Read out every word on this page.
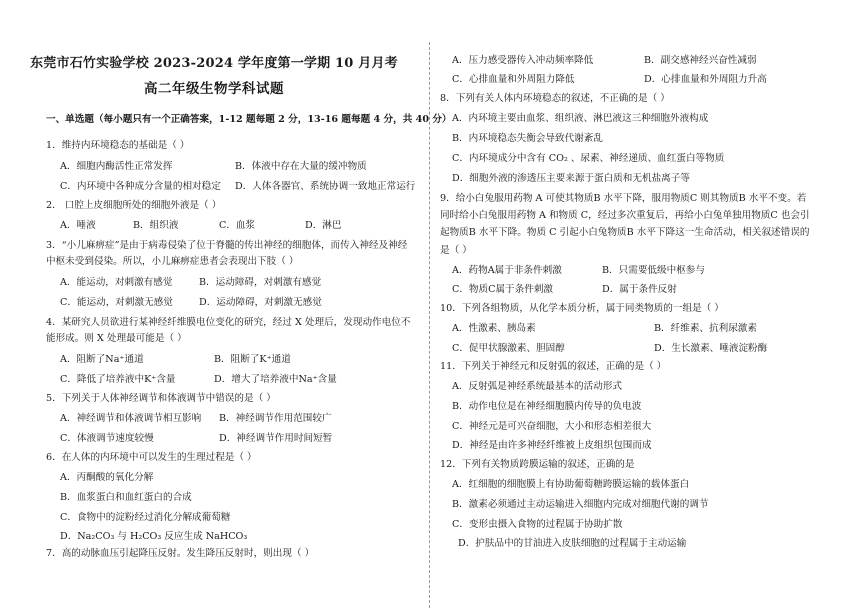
东莞市石竹实验学校 2023-2024 学年度第一学期 10 月月考
高二年级生物学科试题
一、单选题（每小题只有一个正确答案，1-12 题每题 2 分，13-16 题每题 4 分，共 40 分）
1．维持内环境稳态的基础是（ ）
A．细胞内酶活性正常发挥	B．体液中存在大量的缓冲物质
C．内环境中各种成分含量的相对稳定 D．人体各器官、系统协调一致地正常运行
2． 口腔上皮细胞所处的细胞外液是（ ）
A．唾液	B．组织液	C．血浆	D．淋巴
3．“小儿麻痹症”是由于病毒侵染了位于脊髓的传出神经的细胞体，而传入神经及神经
中枢未受到侵染。所以，小儿麻痹症患者会表现出下肢（ ）
A．能运动，对刺激有感觉	B．运动障碍，对刺激有感觉
C．能运动，对刺激无感觉	D．运动障碍，对刺激无感觉
4．某研究人员欲进行某神经纤维膜电位变化的研究，经过 X 处理后，发现动作电位不
能形成。则 X 处理最可能是（ ）
A．阻断了Na⁺通道	B．阻断了K⁺通道
C．降低了培养液中K⁺含量	D．增大了培养液中Na⁺含量
5．下列关于人体神经调节和体液调节中错误的是（ ）
A．神经调节和体液调节相互影响 B．神经调节作用范围较广
C．体液调节速度较慢	D．神经调节作用时间短暂
6．在人体的内环境中可以发生的生理过程是（ ）
A．丙酮酸的氧化分解
B．血浆蛋白和血红蛋白的合成
C．食物中的淀粉经过消化分解成葡萄糖
D．Na₂CO₃ 与 H₂CO₃ 反应生成 NaHCO₃
7．高的动脉血压引起降压反射。发生降压反射时，则出现（ ）
A．压力感受器传入冲动频率降低	B．副交感神经兴奋性减弱
C．心排血量和外周阻力降低	D．心排血量和外周阻力升高
8．下列有关人体内环境稳态的叙述，不正确的是（ ）
A．内环境主要由血浆、组织液、淋巴液这三种细胞外液构成
B．内环境稳态失衡会导致代谢紊乱
C．内环境成分中含有 CO₂ 、尿素、神经递质、血红蛋白等物质
D．细胞外液的渗透压主要来源于蛋白质和无机盐离子等
9．给小白兔服用药物 A 可使其物质B 水平下降，服用物质C 则其物质B 水平不变。若
同时给小白兔服用药物 A 和物质 C，经过多次重复后，再给小白兔单独用物质C 也会引
起物质B 水平下降。物质 C 引起小白兔物质B 水平下降这一生命活动，相关叙述错误的
是（ ）
A．药物A属于非条件刺激	B．只需要低级中枢参与
C．物质C属于条件刺激	D．属于条件反射
10．下列各组物质，从化学本质分析，属于同类物质的一组是（ ）
A．性激素、胰岛素	B．纤维素、抗利尿激素
C．促甲状腺激素、胆固醇	D．生长激素、唾液淀粉酶
11．下列关于神经元和反射弧的叙述，正确的是（ ）
A．反射弧是神经系统最基本的活动形式
B．动作电位是在神经细胞膜内传导的负电波
C．神经元是可兴奋细胞，大小和形态相差很大
D．神经是由许多神经纤维被上皮组织包围而成
12．下列有关物质跨膜运输的叙述，正确的是
A．红细胞的细胞膜上有协助葡萄糖跨膜运输的载体蛋白
B．激素必须通过主动运输进入细胞内完成对细胞代谢的调节
C．变形虫摄入食物的过程属于协助扩散
D．护肤品中的甘油进入皮肤细胞的过程属于主动运输
